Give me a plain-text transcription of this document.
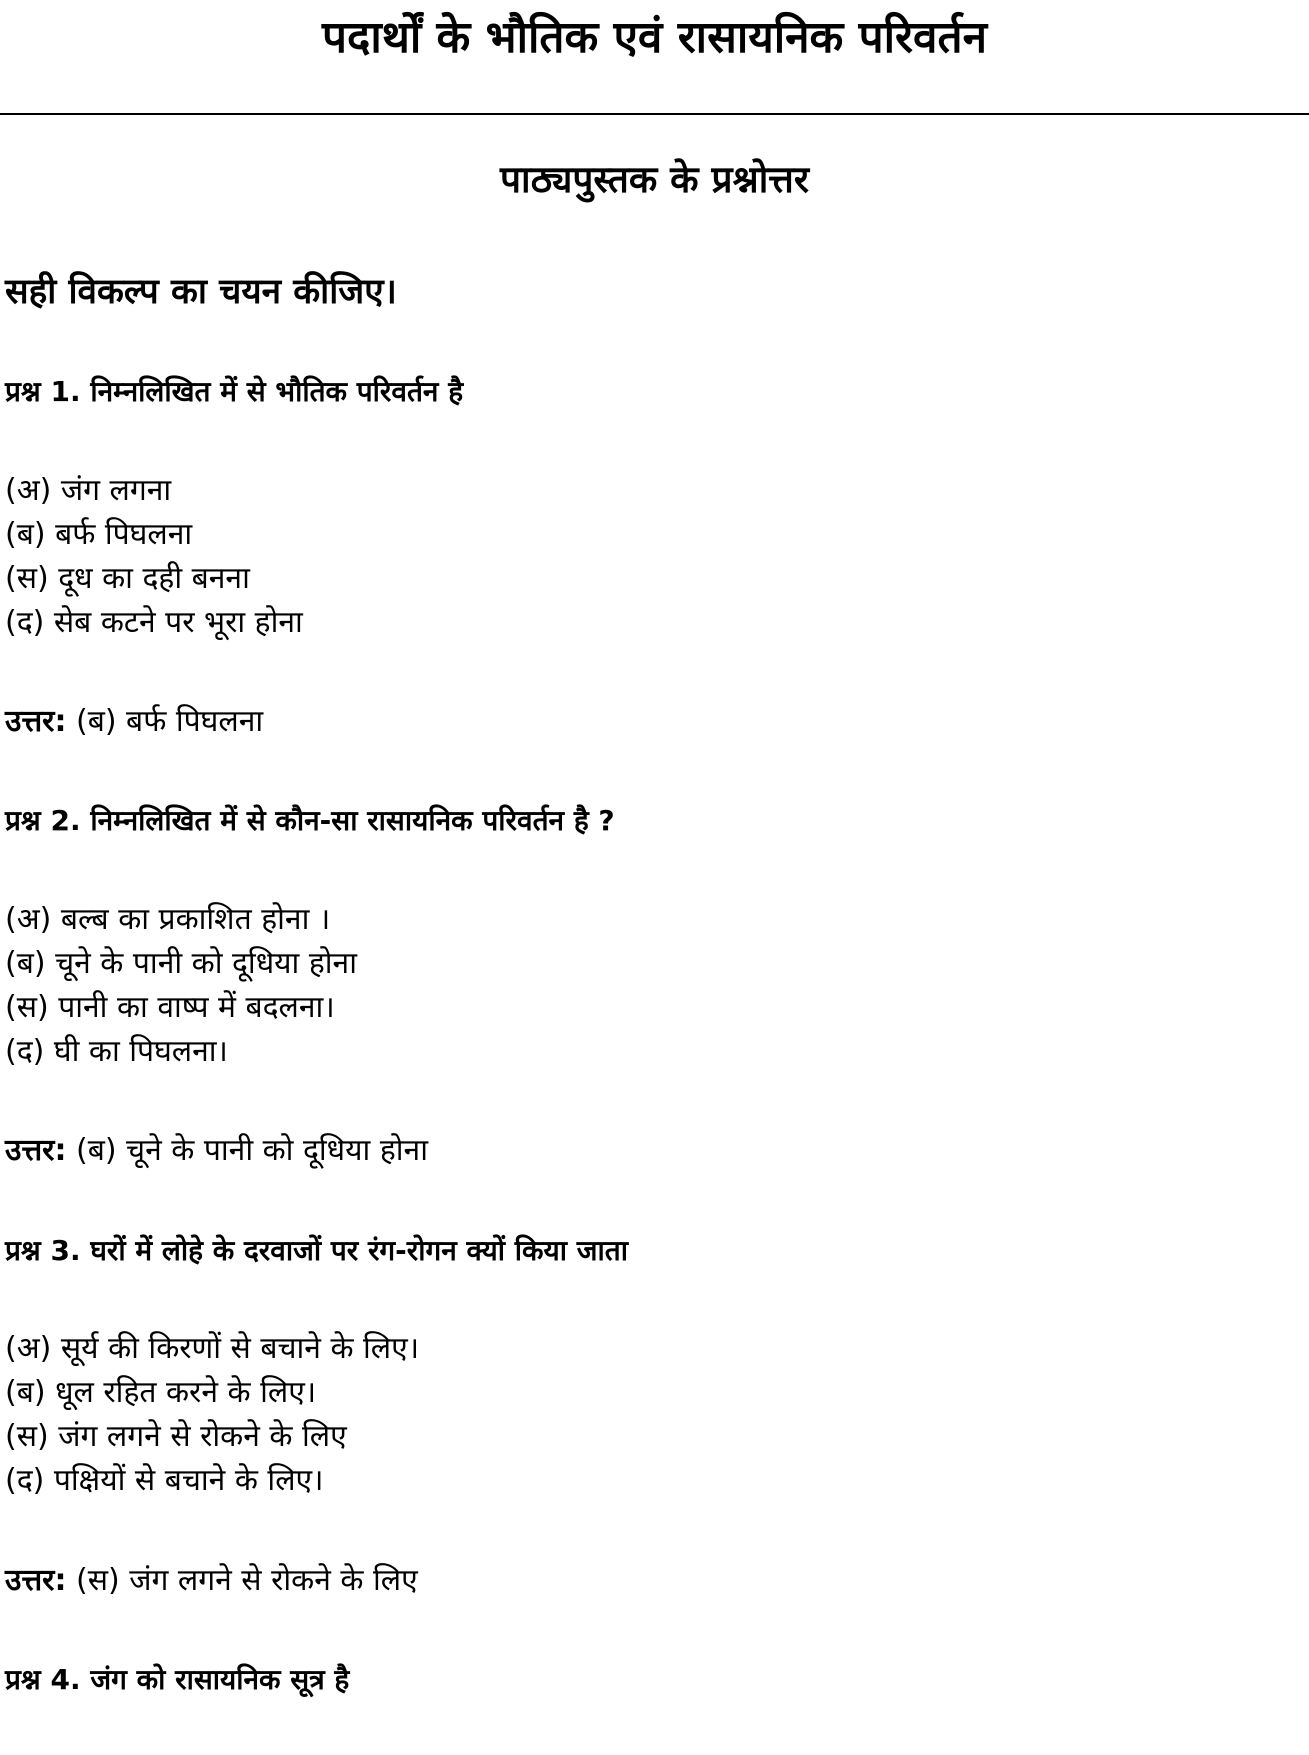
पदार्थों के भौतिक एवं रासायनिक परिवर्तन
पाठ्यपुस्तक के प्रश्नोत्तर
सही विकल्प का चयन कीजिए।

प्रश्न 1. निम्नलिखित में से भौतिक परिवर्तन है

(अ) जंग लगना
(ब) बर्फ पिघलना
(स) दूध का दही बनना
(द) सेब कटने पर भूरा होना

उत्तर: (ब) बर्फ पिघलना

प्रश्न 2. निम्नलिखित में से कौन-सा रासायनिक परिवर्तन है ?

(अ) बल्ब का प्रकाशित होना ।
(ब) चूने के पानी को दूधिया होना
(स) पानी का वाष्प में बदलना।
(द) घी का पिघलना।

उत्तर: (ब) चूने के पानी को दूधिया होना

प्रश्न 3. घरों में लोहे के दरवाजों पर रंग-रोगन क्यों किया जाता

(अ) सूर्य की किरणों से बचाने के लिए।
(ब) धूल रहित करने के लिए।
(स) जंग लगने से रोकने के लिए
(द) पक्षियों से बचाने के लिए।

उत्तर: (स) जंग लगने से रोकने के लिए

प्रश्न 4. जंग को रासायनिक सूत्र है
